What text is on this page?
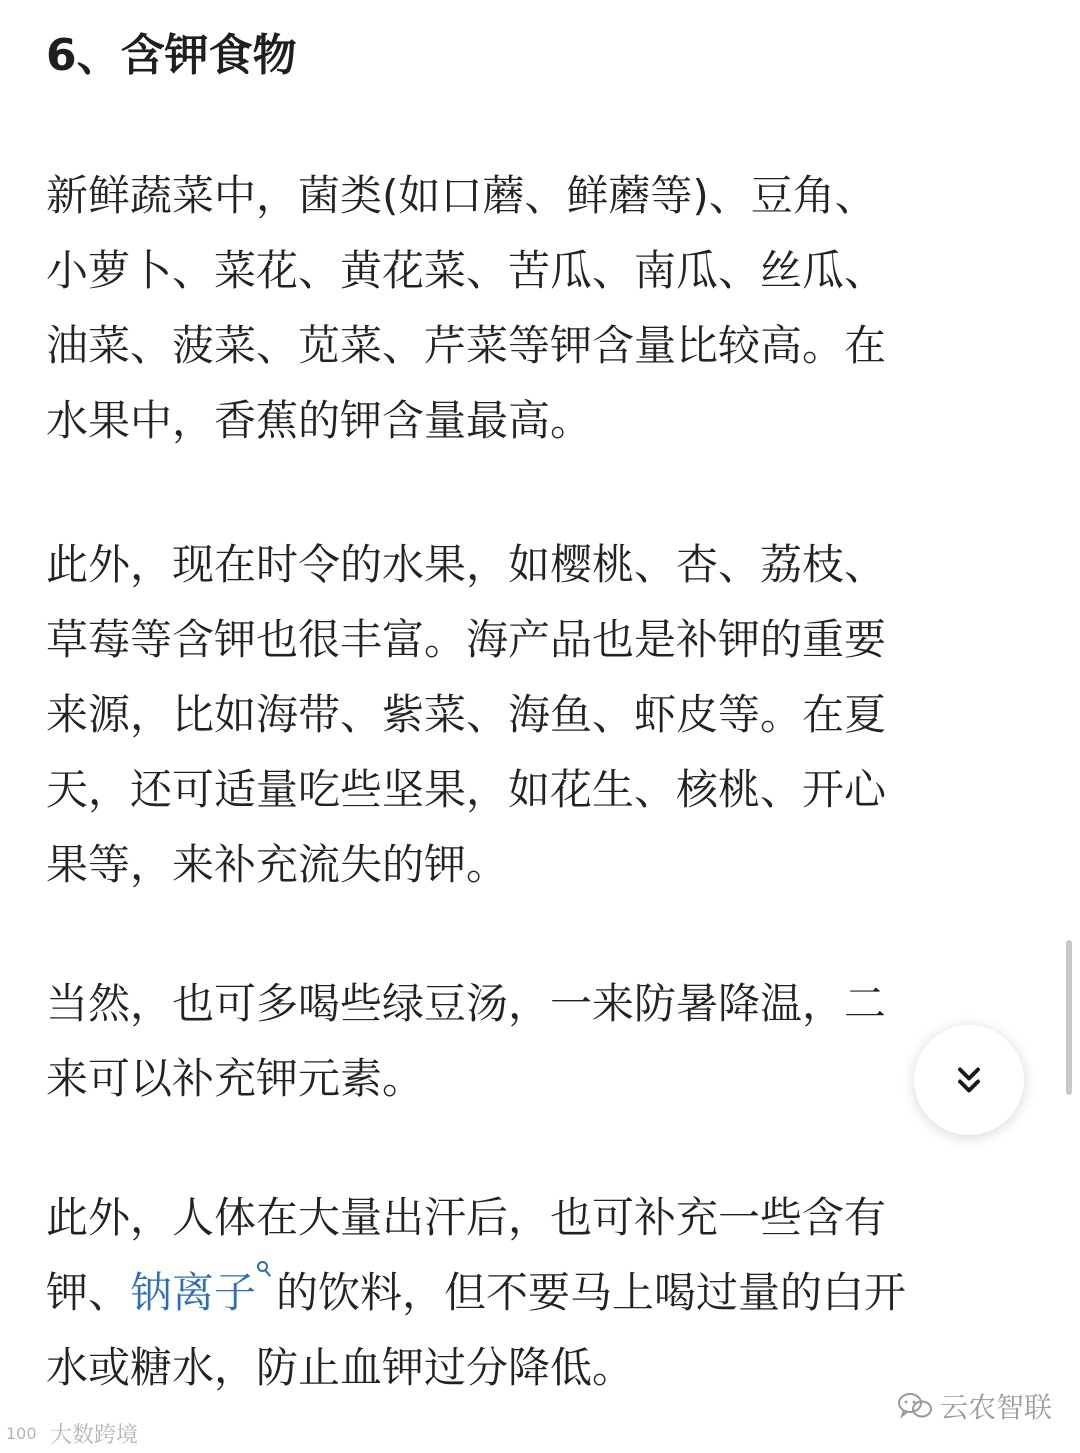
6、含钾食物

新鲜蔬菜中，菌类(如口蘑、鲜蘑等)、豆角、
小萝卜、菜花、黄花菜、苦瓜、南瓜、丝瓜、
油菜、菠菜、苋菜、芹菜等钾含量比较高。在
水果中，香蕉的钾含量最高。

此外，现在时令的水果，如樱桃、杏、荔枝、
草莓等含钾也很丰富。海产品也是补钾的重要
来源，比如海带、紫菜、海鱼、虾皮等。在夏
天，还可适量吃些坚果，如花生、核桃、开心
果等，来补充流失的钾。

当然，也可多喝些绿豆汤，一来防暑降温，二
来可以补充钾元素。

此外，人体在大量出汗后，也可补充一些含有
钾、钠离子 的饮料，但不要马上喝过量的白开
水或糖水，防止血钾过分降低。

云农智联
100 大数跨境
